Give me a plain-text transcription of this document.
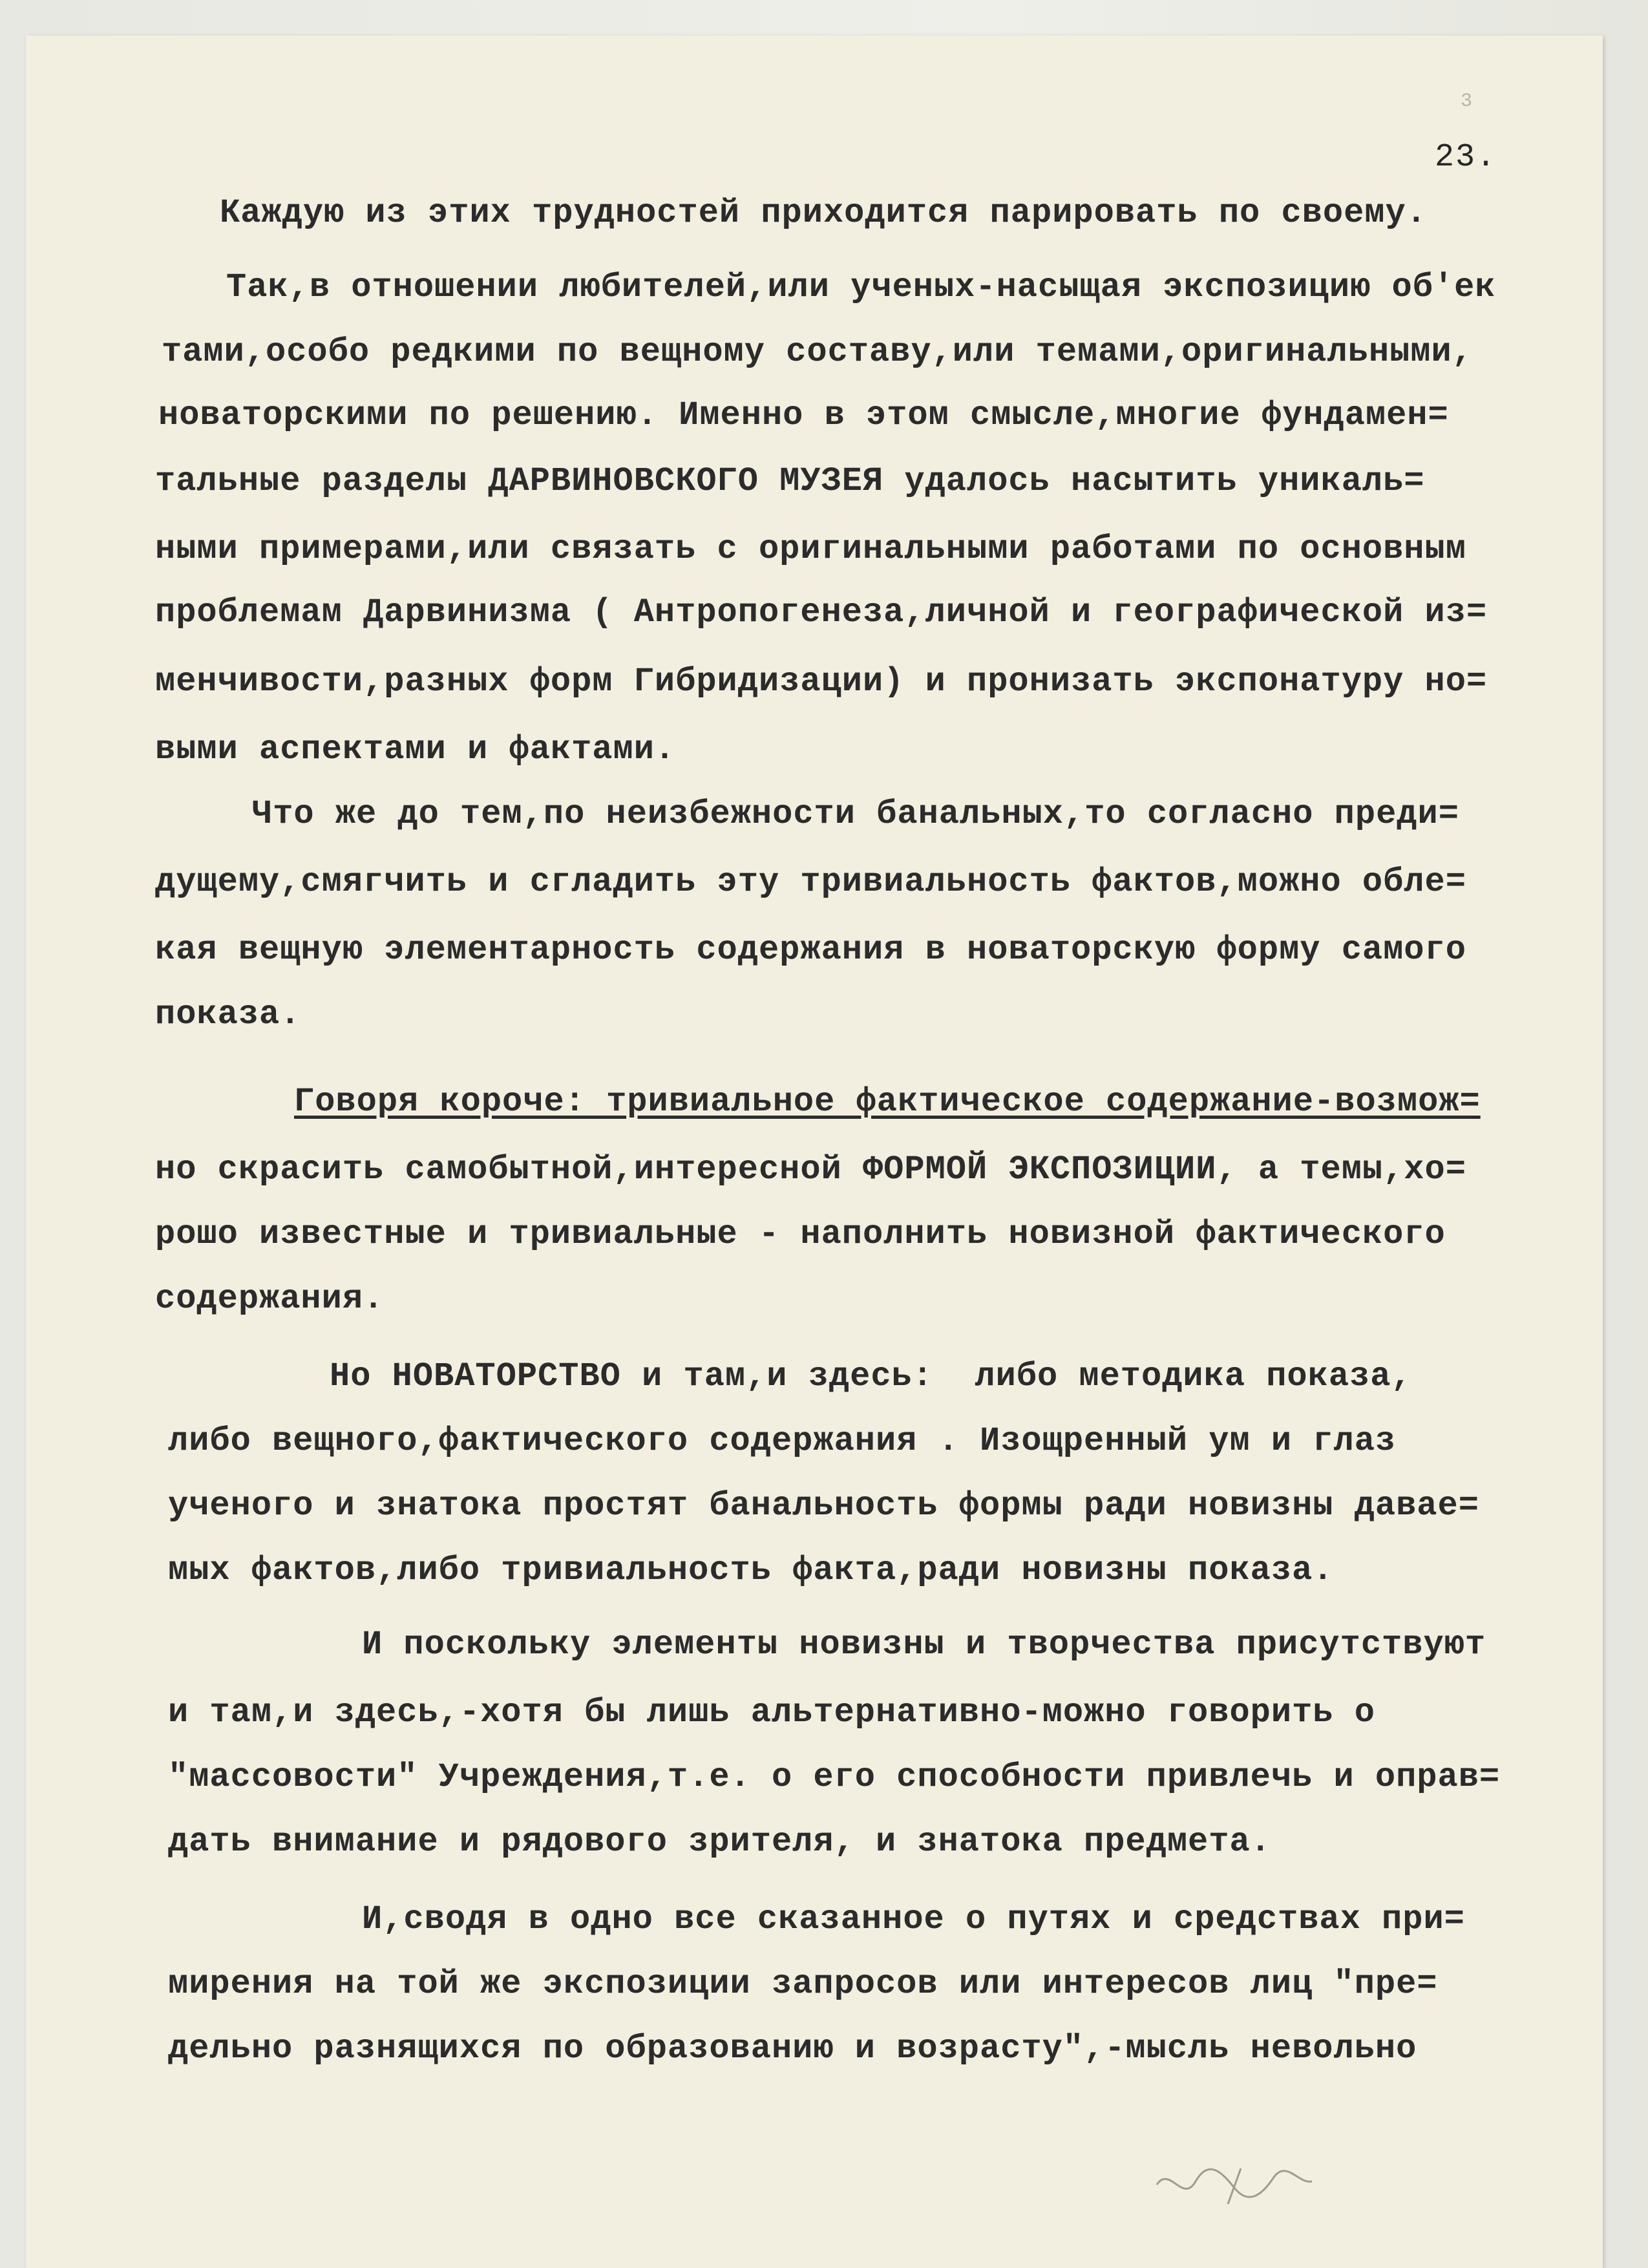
3
23.
Каждую из этих трудностей приходится парировать по своему.
Так,в отношении любителей,или ученых-насыщая экспозицию об'ек
тами,особо редкими по вещному составу,или темами,оригинальными,
новаторскими по решению. Именно в этом смысле,многие фундамен=
тальные разделы ДАРВИНОВСКОГО МУЗЕЯ удалось насытить уникаль=
ными примерами,или связать с оригинальными работами по основным
проблемам Дарвинизма ( Антропогенеза,личной и географической из=
менчивости,разных форм Гибридизации) и пронизать экспонатуру но=
выми аспектами и фактами.
Что же до тем,по неизбежности банальных,то согласно преди=
дущему,смягчить и сгладить эту тривиальность фактов,можно обле=
кая вещную элементарность содержания в новаторскую форму самого
показа.
Говоря короче: тривиальное фактическое содержание-возмож=
но скрасить самобытной,интересной ФОРМОЙ ЭКСПОЗИЦИИ, а темы,хо=
рошо известные и тривиальные - наполнить новизной фактического
содержания.
Но НОВАТОРСТВО и там,и здесь:  либо методика показа,
либо вещного,фактического содержания . Изощренный ум и глаз
ученого и знатока простят банальность формы ради новизны давае=
мых фактов,либо тривиальность факта,ради новизны показа.
И поскольку элементы новизны и творчества присутствуют
и там,и здесь,-хотя бы лишь альтернативно-можно говорить о
"массовости" Учреждения,т.е. о его способности привлечь и оправ=
дать внимание и рядового зрителя, и знатока предмета.
И,сводя в одно все сказанное о путях и средствах при=
мирения на той же экспозиции запросов или интересов лиц "пре=
дельно разнящихся по образованию и возрасту",-мысль невольно
